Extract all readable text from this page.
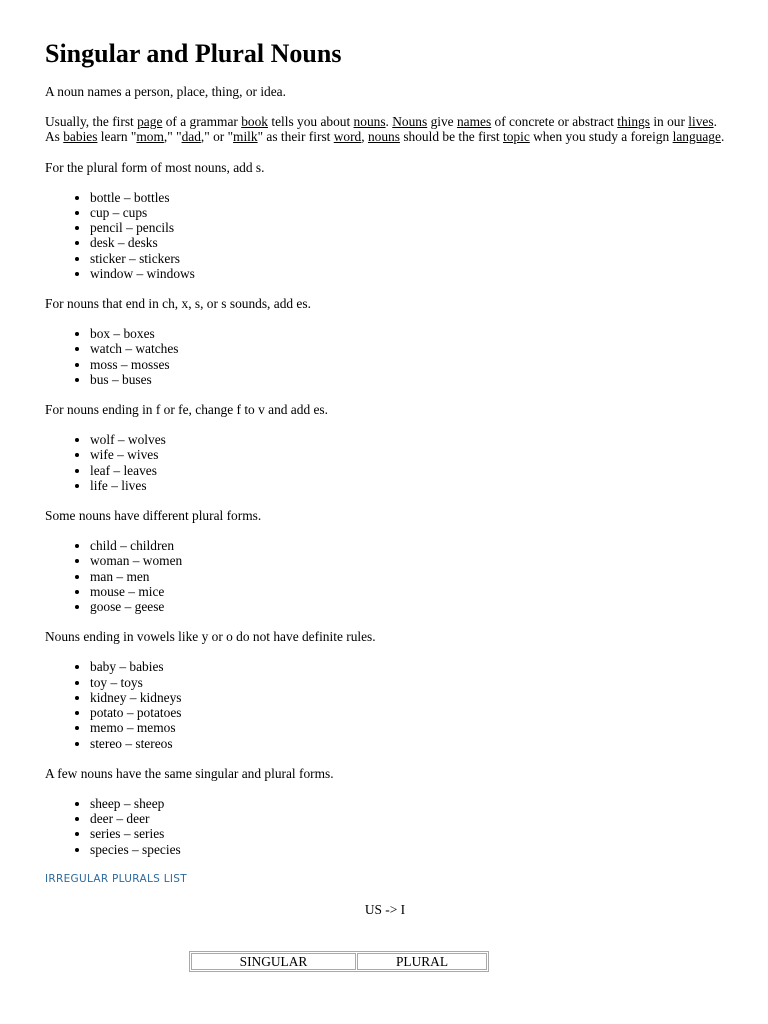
Singular and Plural Nouns

A noun names a person, place, thing, or idea.

Usually, the first page of a grammar book tells you about nouns. Nouns give names of concrete or abstract things in our lives. As babies learn "mom," "dad," or "milk" as their first word, nouns should be the first topic when you study a foreign language.

For the plural form of most nouns, add s.

• bottle – bottles
• cup – cups
• pencil – pencils
• desk – desks
• sticker – stickers
• window – windows

For nouns that end in ch, x, s, or s sounds, add es.

• box – boxes
• watch – watches
• moss – mosses
• bus – buses

For nouns ending in f or fe, change f to v and add es.

• wolf – wolves
• wife – wives
• leaf – leaves
• life – lives

Some nouns have different plural forms.

• child – children
• woman – women
• man – men
• mouse – mice
• goose – geese

Nouns ending in vowels like y or o do not have definite rules.

• baby – babies
• toy – toys
• kidney – kidneys
• potato – potatoes
• memo – memos
• stereo – stereos

A few nouns have the same singular and plural forms.

• sheep – sheep
• deer – deer
• series – series
• species – species
IRREGULAR PLURALS LIST
US -> I
SINGULAR	PLURAL
